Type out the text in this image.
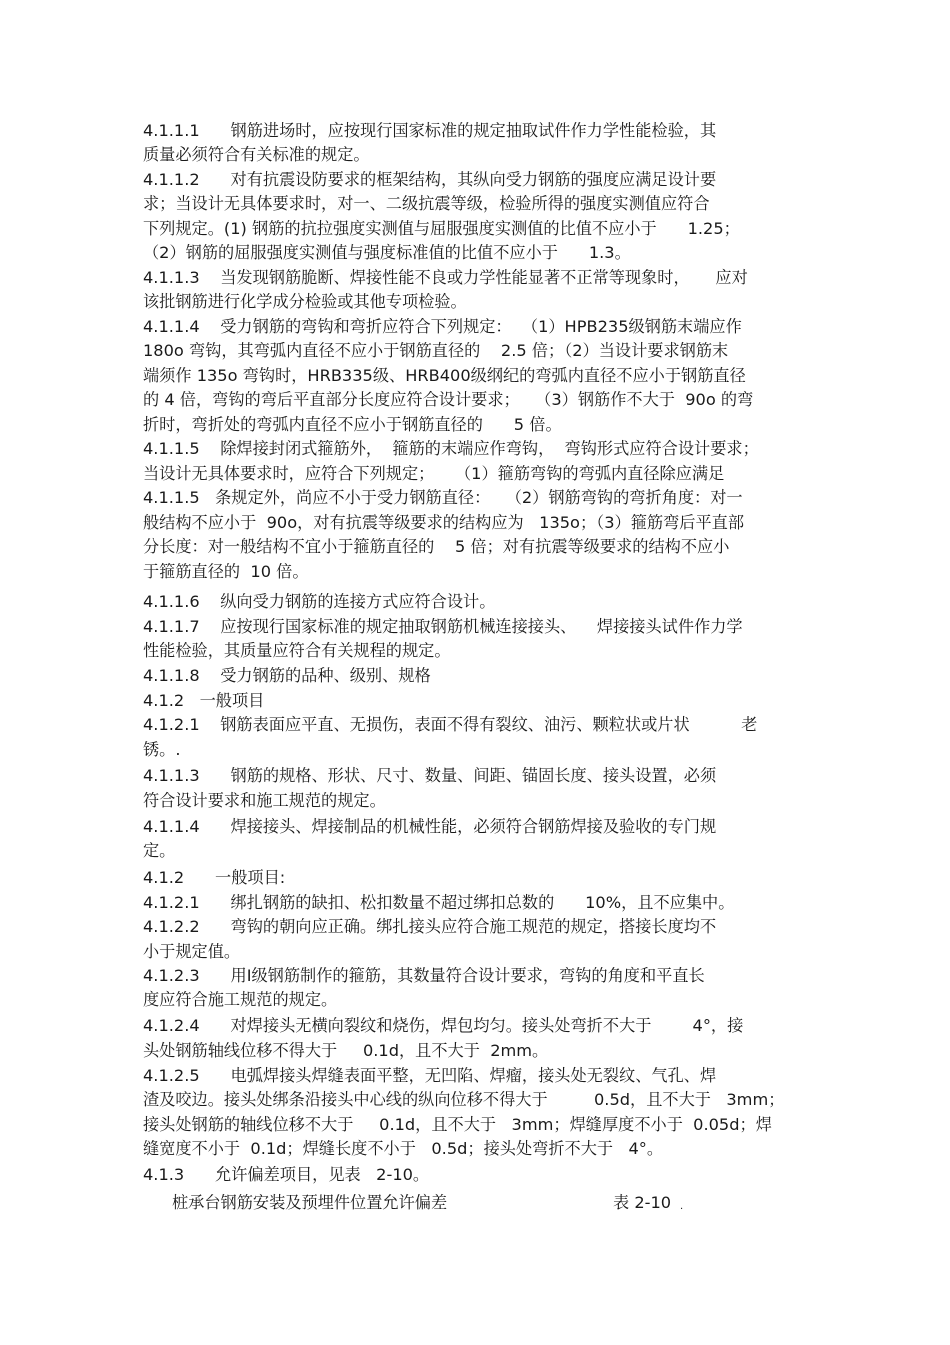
4.1.1.1      钢筋进场时，应按现行国家标准的规定抽取试件作力学性能检验，其
质量必须符合有关标准的规定。
4.1.1.2      对有抗震设防要求的框架结构，其纵向受力钢筋的强度应满足设计要
求；当设计无具体要求时，对一、二级抗震等级，检验所得的强度实测值应符合
下列规定。(1) 钢筋的抗拉强度实测值与屈服强度实测值的比值不应小于      1.25；
（2）钢筋的屈服强度实测值与强度标准值的比值不应小于      1.3。
4.1.1.3    当发现钢筋脆断、焊接性能不良或力学性能显著不正常等现象时，     应对
该批钢筋进行化学成分检验或其他专项检验。
4.1.1.4    受力钢筋的弯钩和弯折应符合下列规定：  （1）HPB235级钢筋末端应作
180o 弯钩，其弯弧内直径不应小于钢筋直径的    2.5 倍；（2）当设计要求钢筋末
端须作 135o 弯钩时，HRB335级、HRB400级纲纪的弯弧内直径不应小于钢筋直径
的 4 倍，弯钩的弯后平直部分长度应符合设计要求；   （3）钢筋作不大于  90o 的弯
折时，弯折处的弯弧内直径不应小于钢筋直径的      5 倍。
4.1.1.5    除焊接封闭式箍筋外，  箍筋的末端应作弯钩，  弯钩形式应符合设计要求；
当设计无具体要求时，应符合下列规定；    （1）箍筋弯钩的弯弧内直径除应满足
4.1.1.5   条规定外，尚应不小于受力钢筋直径：   （2）钢筋弯钩的弯折角度：对一
般结构不应小于  90o，对有抗震等级要求的结构应为   135o；（3）箍筋弯后平直部
分长度：对一般结构不宜小于箍筋直径的    5 倍；对有抗震等级要求的结构不应小
于箍筋直径的  10 倍。
4.1.1.6    纵向受力钢筋的连接方式应符合设计。
4.1.1.7    应按现行国家标准的规定抽取钢筋机械连接接头、    焊接接头试件作力学
性能检验，其质量应符合有关规程的规定。
4.1.1.8    受力钢筋的品种、级别、规格
4.1.2   一般项目
4.1.2.1    钢筋表面应平直、无损伤，表面不得有裂纹、油污、颗粒状或片状          老
锈。.
4.1.1.3      钢筋的规格、形状、尺寸、数量、间距、锚固长度、接头设置，必须
符合设计要求和施工规范的规定。
4.1.1.4      焊接接头、焊接制品的机械性能，必须符合钢筋焊接及验收的专门规
定。
4.1.2      一般项目:
4.1.2.1      绑扎钢筋的缺扣、松扣数量不超过绑扣总数的      10%，且不应集中。
4.1.2.2      弯钩的朝向应正确。绑扎接头应符合施工规范的规定，搭接长度均不
小于规定值。
4.1.2.3      用Ⅰ级钢筋制作的箍筋，其数量符合设计要求，弯钩的角度和平直长
度应符合施工规范的规定。
4.1.2.4      对焊接头无横向裂纹和烧伤，焊包均匀。接头处弯折不大于        4°，接
头处钢筋轴线位移不得大于     0.1d，且不大于  2mm。
4.1.2.5      电弧焊接头焊缝表面平整，无凹陷、焊瘤，接头处无裂纹、气孔、焊
渣及咬边。接头处绑条沿接头中心线的纵向位移不得大于         0.5d，且不大于   3mm；
接头处钢筋的轴线位移不大于     0.1d，且不大于   3mm；焊缝厚度不小于  0.05d；焊
缝宽度不小于  0.1d；焊缝长度不小于   0.5d；接头处弯折不大于   4°。
4.1.3      允许偏差项目，见表   2-10。
桩承台钢筋安装及预埋件位置允许偏差	表 2-10 .
